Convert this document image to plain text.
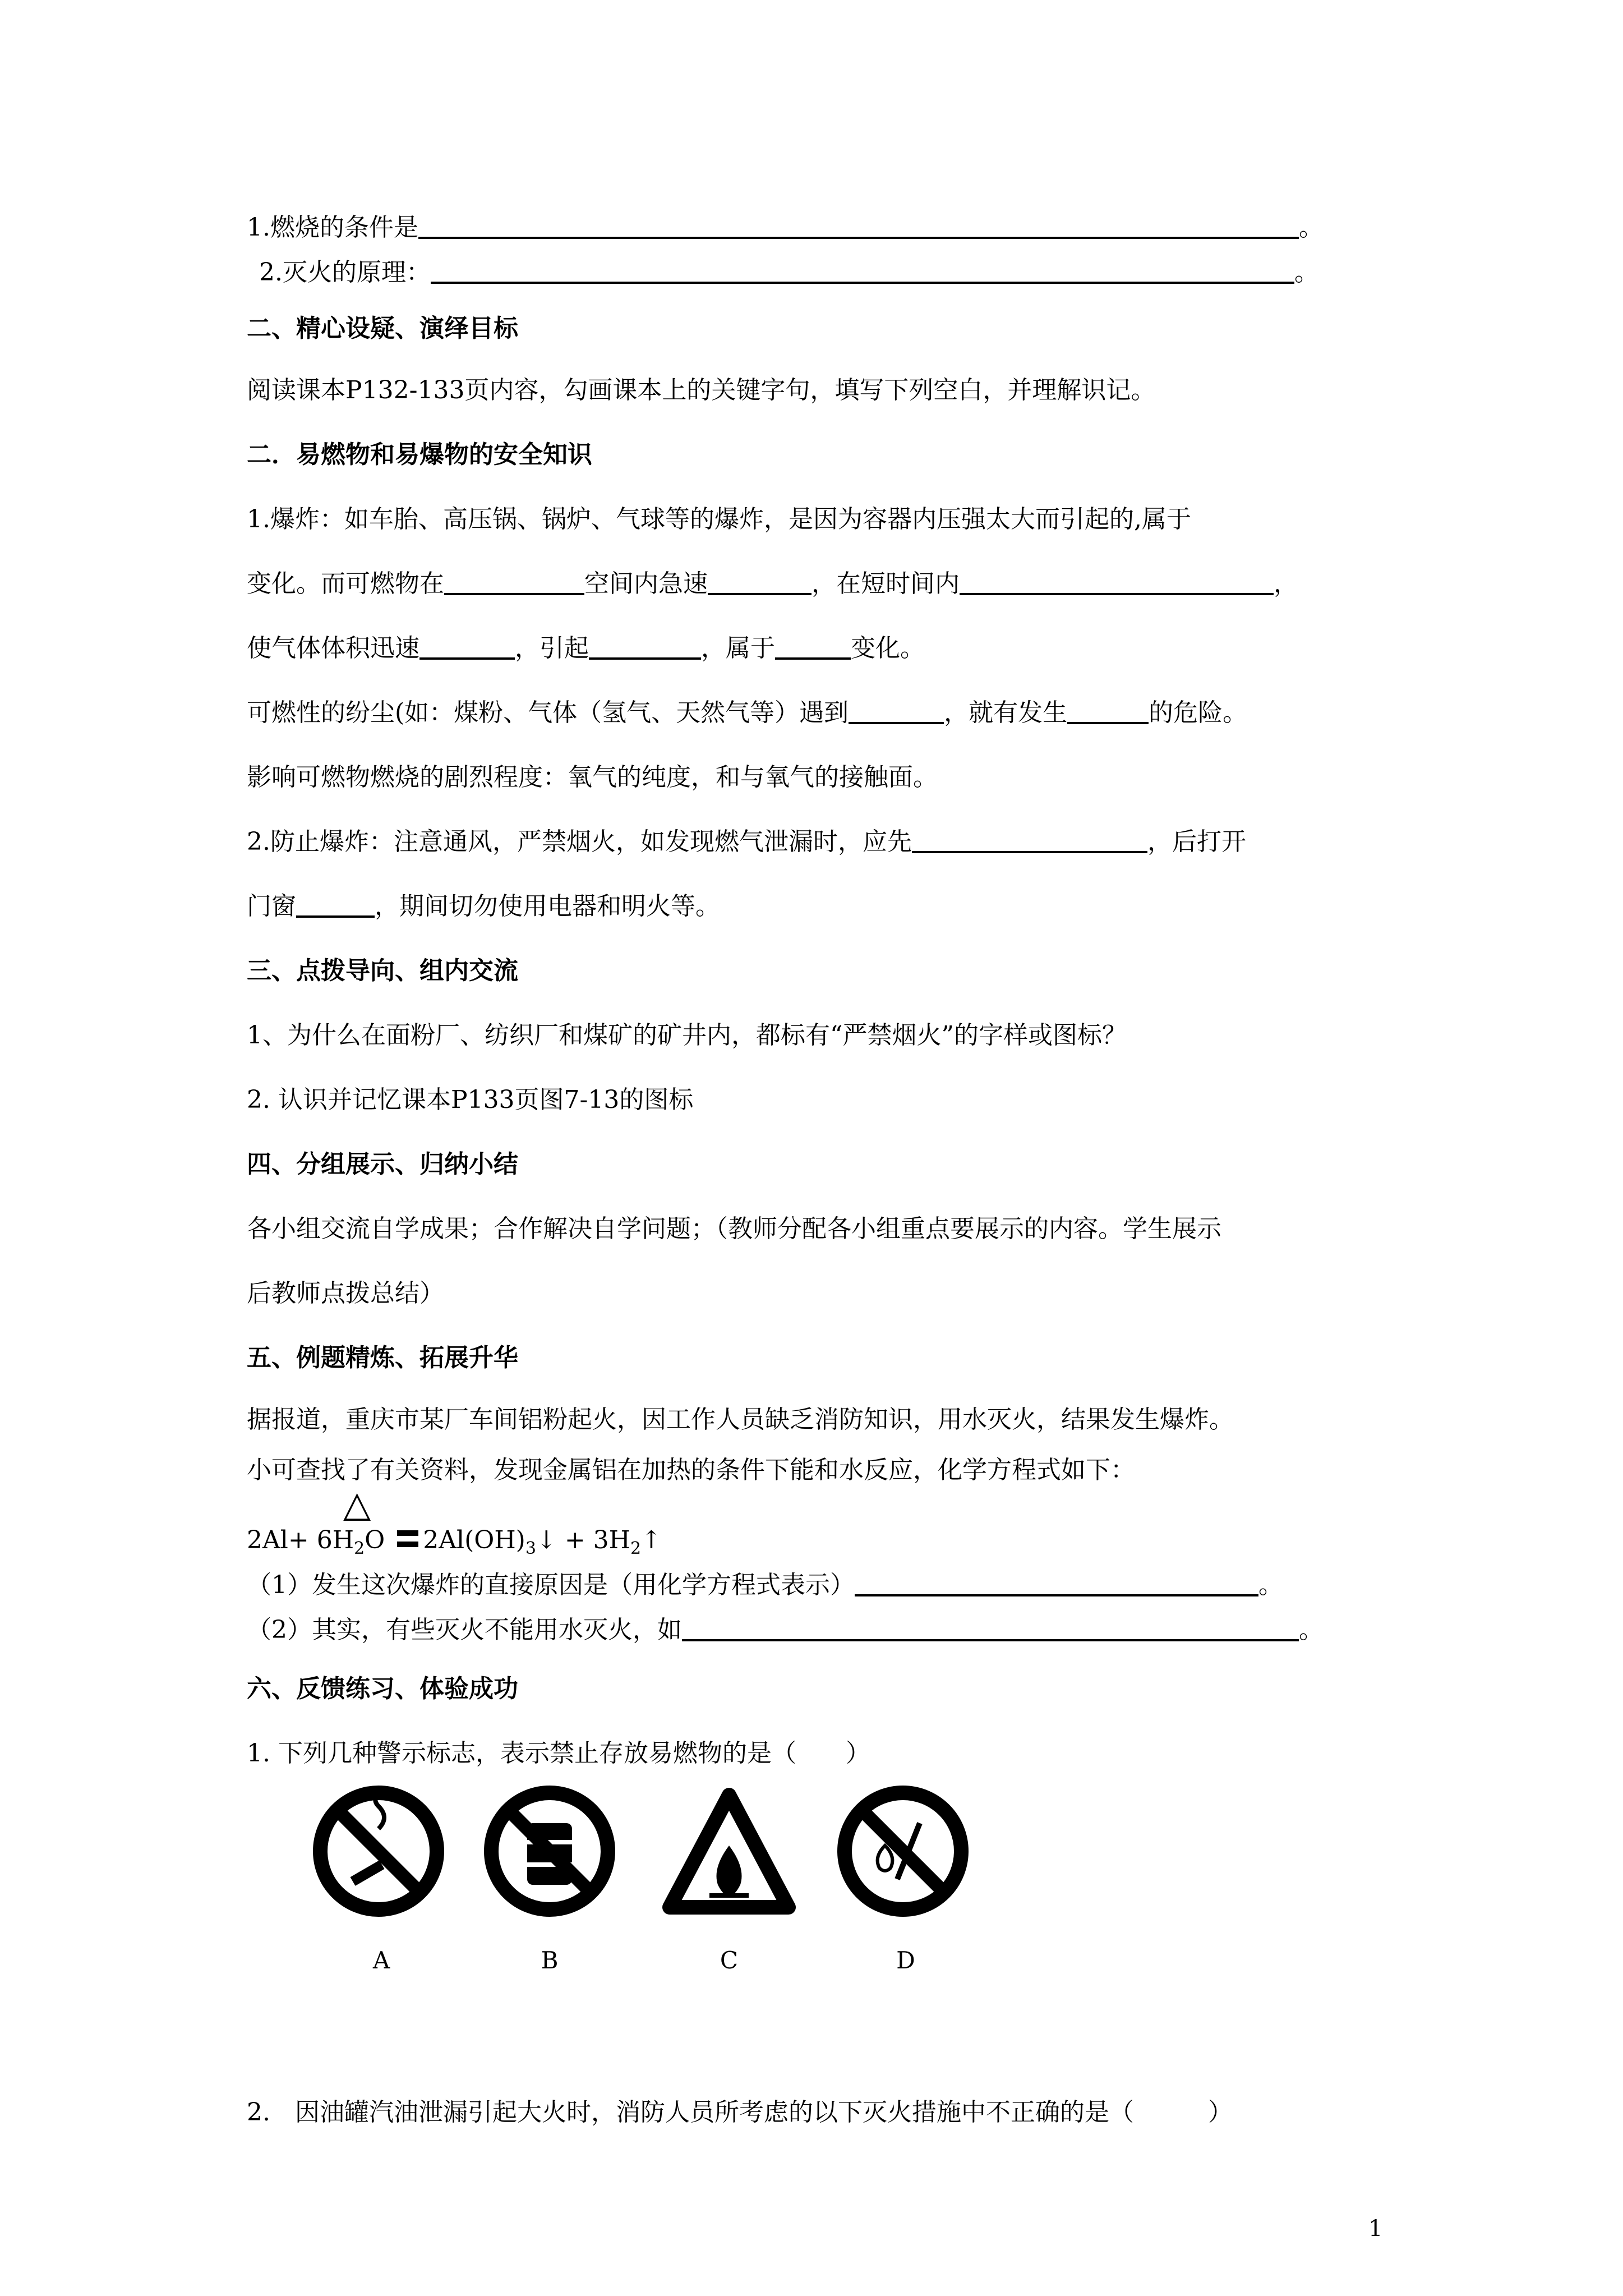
1.燃烧的条件是	。
2.灭火的原理：	。
二、精心设疑、演绎目标
阅读课本P132-133页内容，勾画课本上的关键字句，填写下列空白，并理解识记。
二．易燃物和易爆物的安全知识
1.爆炸：如车胎、高压锅、锅炉、气球等的爆炸，是因为容器内压强太大而引起的,属于
变化。而可燃物在	空间内急速	，在短时间内	，
使气体体积迅速	，引起	，属于	变化。
可燃性的纷尘(如：煤粉、气体（氢气、天然气等）遇到	，就有发生	的危险。
影响可燃物燃烧的剧烈程度：氧气的纯度，和与氧气的接触面。
2.防止爆炸：注意通风，严禁烟火，如发现燃气泄漏时，应先	，后打开
门窗	，期间切勿使用电器和明火等。
三、点拨导向、组内交流
1、为什么在面粉厂、纺织厂和煤矿的矿井内，都标有“严禁烟火”的字样或图标？
2. 认识并记忆课本P133页图7-13的图标
四、分组展示、归纳小结
各小组交流自学成果；合作解决自学问题；（教师分配各小组重点要展示的内容。学生展示
后教师点拨总结）
五、例题精炼、拓展升华
据报道，重庆市某厂车间铝粉起火，因工作人员缺乏消防知识，用水灭火，结果发生爆炸。
小可查找了有关资料，发现金属铝在加热的条件下能和水反应，化学方程式如下：
△
$2Al+ 6H_2O$ $2Al(OH)_3↓$ + $3H_2↑$
（1）发生这次爆炸的直接原因是（用化学方程式表示）	。
（2）其实，有些灭火不能用水灭火，如	。
六、反馈练习、体验成功
1. 下列几种警示标志，表示禁止存放易燃物的是（　　）
A	B	C	D
2.　因油罐汽油泄漏引起大火时，消防人员所考虑的以下灭火措施中不正确的是（　　　）
1
